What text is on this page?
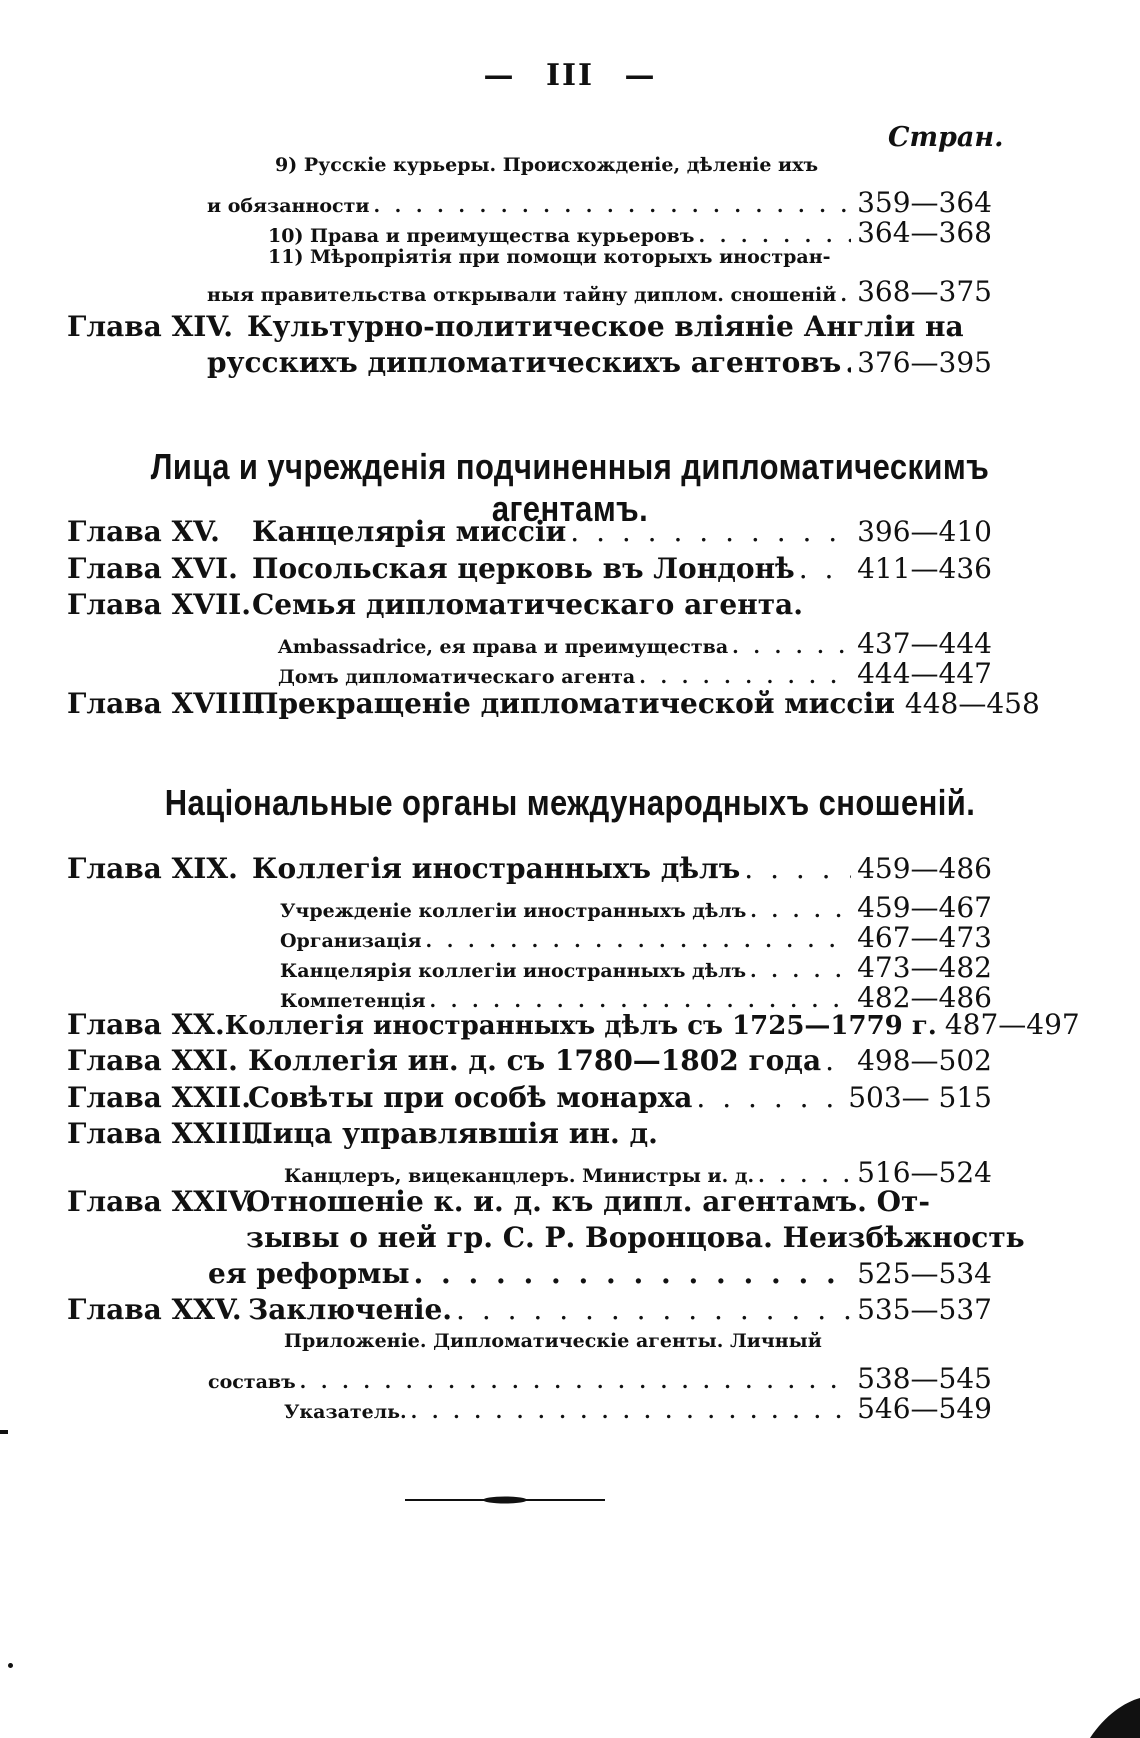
— III —
Стран.
9) Русскіе курьеры. Происхожденіе, дѣленіе ихъ
и обязанности . . .	359—364
10) Права и преимущества курьеровъ . . .	364—368
11) Мѣропріятія при помощи которыхъ иностран-
ныя правительства открывали тайну диплом. сношеній . . . 368—375
Глава XIV. Культурно-политическое вліяніе Англіи на
русскихъ дипломатическихъ агентовъ . . . 376—395
Лица и учрежденія подчиненныя дипломатическимъ агентамъ.
Глава XV.	Канцелярія миссіи . . .	396—410
Глава XVI. Посольская церковь въ Лондонѣ . . . 411—436
Глава XVII. Семья дипломатическаго агента.
Ambassadrice, ея права и преимущества . . .	437—444
Домъ дипломатическаго агента . . .	444—447
Глава XVIII.
Прекращеніе дипломатической миссіи 448—458
Національные органы международныхъ сношеній.
Глава XIX. Коллегія иностранныхъ дѣлъ . . .	459—486
Учрежденіе коллегіи иностранныхъ дѣлъ . . .	459—467
Организація . . .	467—473
Канцелярія коллегіи иностранныхъ дѣлъ . . .	473—482
Компетенція . . .	482—486
Глава XX. Коллегія иностранныхъ дѣлъ съ 1725—1779 г. 487—497
Глава XXI. Коллегія ин. д. съ 1780—1802 года . . . 498—502
Глава XXII.
Совѣты при особѣ монарха . . .	503— 515
Глава XXIII.
Лица управлявшія ин. д.
Канцлеръ, вицеканцлеръ. Министры и. д. . . .	516—524
Глава XXIV.
Отношеніе к. и. д. къ дипл. агентамъ. От-
зывы о ней гр. С. Р. Воронцова. Неизбѣжность
ея реформы . . .	525—534
Глава XXV. Заключеніе. . . .	535—537
Приложеніе. Дипломатическіе агенты. Личный
составъ . . .	538—545
Указатель. . . .	546—549
